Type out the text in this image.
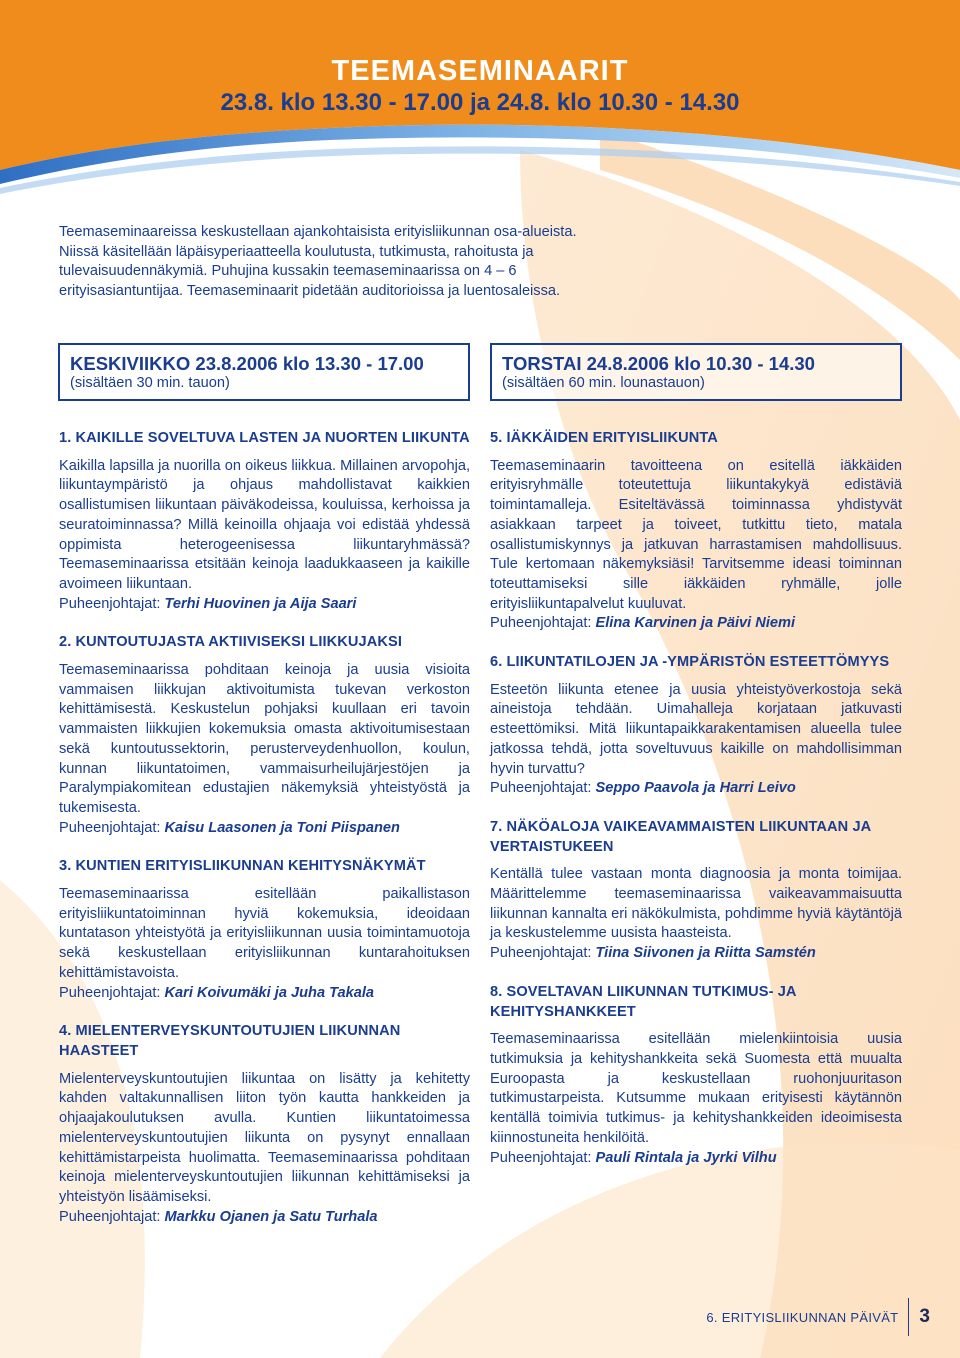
TEEMASEMINAARIT
23.8. klo 13.30 - 17.00 ja 24.8. klo 10.30 - 14.30

Teemaseminaareissa keskustellaan ajankohtaisista erityisliikunnan osa-alueista. Niissä käsitellään läpäisyperiaatteella koulutusta, tutkimusta, rahoitusta ja tulevaisuudennäkymiä. Puhujina kussakin teemaseminaarissa on 4 – 6 erityisasiantuntijaa. Teemaseminaarit pidetään auditorioissa ja luentosaleissa.

KESKIVIIKKO 23.8.2006 klo 13.30 - 17.00
(sisältäen 30 min. tauon)
TORSTAI 24.8.2006 klo 10.30 - 14.30
(sisältäen 60 min. lounastauon)
1. KAIKILLE SOVELTUVA LASTEN JA NUORTEN LIIKUNTA

Kaikilla lapsilla ja nuorilla on oikeus liikkua. Millainen arvopohja, liikuntaympäristö ja ohjaus mahdollistavat kaikkien osallistumisen liikuntaan päiväkodeissa, kouluissa, kerhoissa ja seuratoiminnassa? Millä keinoilla ohjaaja voi edistää yhdessä oppimista heterogeenisessa liikuntaryhmässä? Teemaseminaarissa etsitään keinoja laadukkaaseen ja kaikille avoimeen liikuntaan.

Puheenjohtajat: Terhi Huovinen ja Aija Saari
2. KUNTOUTUJASTA AKTIIVISEKSI LIIKKUJAKSI

Teemaseminaarissa pohditaan keinoja ja uusia visioita vammaisen liikkujan aktivoitumista tukevan verkoston kehittämisestä. Keskustelun pohjaksi kuullaan eri tavoin vammaisten liikkujien kokemuksia omasta aktivoitumisestaan sekä kuntoutussektorin, perusterveydenhuollon, koulun, kunnan liikuntatoimen, vammaisurheilujärjestöjen ja Paralympiakomitean edustajien näkemyksiä yhteistyöstä ja tukemisesta.

Puheenjohtajat: Kaisu Laasonen ja Toni Piispanen
3. KUNTIEN ERITYISLIIKUNNAN KEHITYSNÄKYMÄT

Teemaseminaarissa esitellään paikallistason erityisliikuntatoiminnan hyviä kokemuksia, ideoidaan kuntatason yhteistyötä ja erityisliikunnan uusia toimintamuotoja sekä keskustellaan erityisliikunnan kuntarahoituksen kehittämistavoista.

Puheenjohtajat: Kari Koivumäki ja Juha Takala
4. MIELENTERVEYSKUNTOUTUJIEN LIIKUNNAN HAASTEET

Mielenterveyskuntoutujien liikuntaa on lisätty ja kehitetty kahden valtakunnallisen liiton työn kautta hankkeiden ja ohjaajakoulutuksen avulla. Kuntien liikuntatoimessa mielenterveyskuntoutujien liikunta on pysynyt ennallaan kehittämistarpeista huolimatta. Teemaseminaarissa pohditaan keinoja mielenterveyskuntoutujien liikunnan kehittämiseksi ja yhteistyön lisäämiseksi.

Puheenjohtajat: Markku Ojanen ja Satu Turhala
5. IÄKKÄIDEN ERITYISLIIKUNTA

Teemaseminaarin tavoitteena on esitellä iäkkäiden erityisryhmälle toteutettuja liikuntakykyä edistäviä toimintamalleja. Esiteltävässä toiminnassa yhdistyvät asiakkaan tarpeet ja toiveet, tutkittu tieto, matala osallistumiskynnys ja jatkuvan harrastamisen mahdollisuus. Tule kertomaan näkemyksiäsi! Tarvitsemme ideasi toiminnan toteuttamiseksi sille iäkkäiden ryhmälle, jolle erityisliikuntapalvelut kuuluvat.

Puheenjohtajat: Elina Karvinen ja Päivi Niemi
6. LIIKUNTATILOJEN JA -YMPÄRISTÖN ESTEETTÖMYYS

Esteetön liikunta etenee ja uusia yhteistyöverkostoja sekä aineistoja tehdään. Uimahalleja korjataan jatkuvasti esteettömiksi. Mitä liikuntapaikkarakentamisen alueella tulee jatkossa tehdä, jotta soveltuvuus kaikille on mahdollisimman hyvin turvattu?

Puheenjohtajat: Seppo Paavola ja Harri Leivo
7. NÄKÖALOJA VAIKEAVAMMAISTEN LIIKUNTAAN JA VERTAISTUKEEN

Kentällä tulee vastaan monta diagnoosia ja monta toimijaa. Määrittelemme teemaseminaarissa vaikeavammaisuutta liikunnan kannalta eri näkökulmista, pohdimme hyviä käytäntöjä ja keskustelemme uusista haasteista.

Puheenjohtajat: Tiina Siivonen ja Riitta Samstén
8. SOVELTAVAN LIIKUNNAN TUTKIMUS- JA KEHITYSHANKKEET

Teemaseminaarissa esitellään mielenkiintoisia uusia tutkimuksia ja kehityshankkeita sekä Suomesta että muualta Euroopasta ja keskustellaan ruohonjuuritason tutkimustarpeista. Kutsumme mukaan erityisesti käytännön kentällä toimivia tutkimus- ja kehityshankkeiden ideoimisesta kiinnostuneita henkilöitä.

Puheenjohtajat: Pauli Rintala ja Jyrki Vilhu
6. ERITYISLIIKUNNAN PÄIVÄT 3
